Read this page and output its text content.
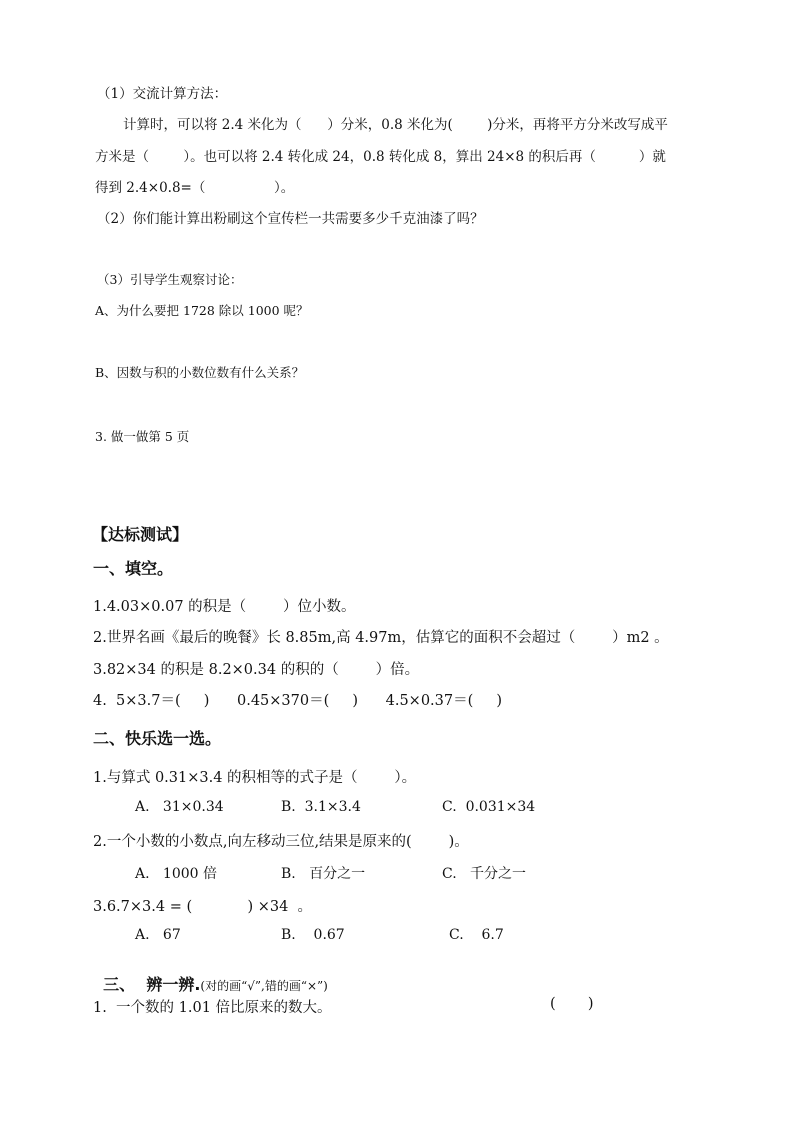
（1）交流计算方法：
计算时，可以将 2.4 米化为（      ）分米，0.8 米化为(        )分米，再将平方分米改写成平
方米是（        ）。也可以将 2.4 转化成 24，0.8 转化成 8，算出 24×8 的积后再（          ）就
得到 2.4×0.8=（                ）。
（2）你们能计算出粉刷这个宣传栏一共需要多少千克油漆了吗？
（3）引导学生观察讨论：
A、为什么要把 1728 除以 1000 呢？
B、因数与积的小数位数有什么关系？
3. 做一做第 5 页
【达标测试】
一、填空。
1.4.03×0.07 的积是（        ）位小数。
2.世界名画《最后的晚餐》长 8.85m,高 4.97m，估算它的面积不会超过（        ）m2 。
3.82×34 的积是 8.2×0.34 的积的（        ）倍。
4.  5×3.7＝(     )      0.45×370＝(     )      4.5×0.37＝(     )
二、快乐选一选。
1.与算式 0.31×3.4 的积相等的式子是（        ）。
A.   31×0.34	B.  3.1×3.4	C.  0.031×34
2.一个小数的小数点,向左移动三位,结果是原来的(        )。
A.   1000 倍	B.   百分之一	C.   千分之一
3.6.7×3.4 = (            ) ×34  。
A.   67	B.    0.67	C.    6.7

三、  辨一辨.(对的画“√”,错的画“×”)

1.  一个数的 1.01 倍比原来的数大。	(       )
